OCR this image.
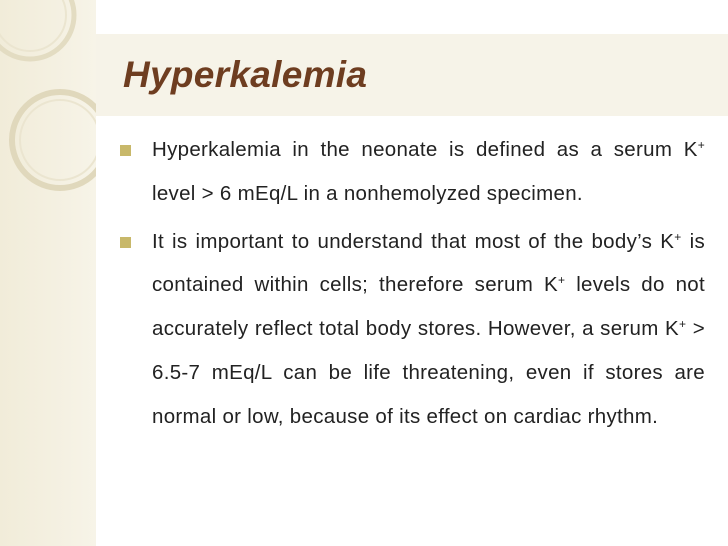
Hyperkalemia
Hyperkalemia in the neonate is defined as a serum K+ level > 6 mEq/L in a nonhemolyzed specimen.
It is important to understand that most of the body’s K+ is contained within cells; therefore serum K+ levels do not accurately reflect total body stores. However, a serum K+ > 6.5-7 mEq/L can be life threatening, even if stores are normal or low, because of its effect on cardiac rhythm.
